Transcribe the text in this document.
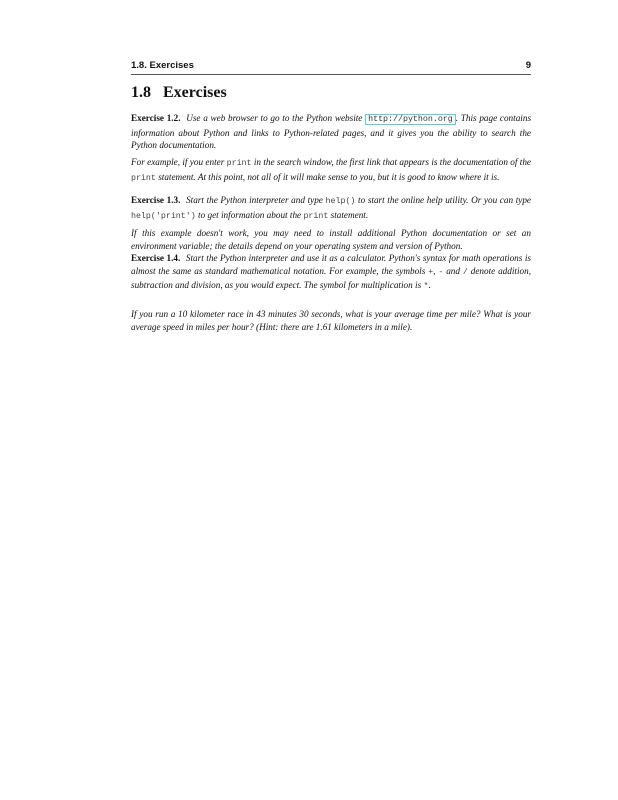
1.8. Exercises	9
1.8 Exercises

Exercise 1.2. Use a web browser to go to the Python website http://python.org . This page contains information about Python and links to Python-related pages, and it gives you the ability to search the Python documentation.

For example, if you enter print in the search window, the first link that appears is the documentation of the print statement. At this point, not all of it will make sense to you, but it is good to know where it is.

Exercise 1.3. Start the Python interpreter and type help() to start the online help utility. Or you can type help('print') to get information about the print statement.

If this example doesn't work, you may need to install additional Python documentation or set an environment variable; the details depend on your operating system and version of Python.

Exercise 1.4. Start the Python interpreter and use it as a calculator. Python's syntax for math operations is almost the same as standard mathematical notation. For example, the symbols +, - and / denote addition, subtraction and division, as you would expect. The symbol for multiplication is *.

If you run a 10 kilometer race in 43 minutes 30 seconds, what is your average time per mile? What is your average speed in miles per hour? (Hint: there are 1.61 kilometers in a mile).
